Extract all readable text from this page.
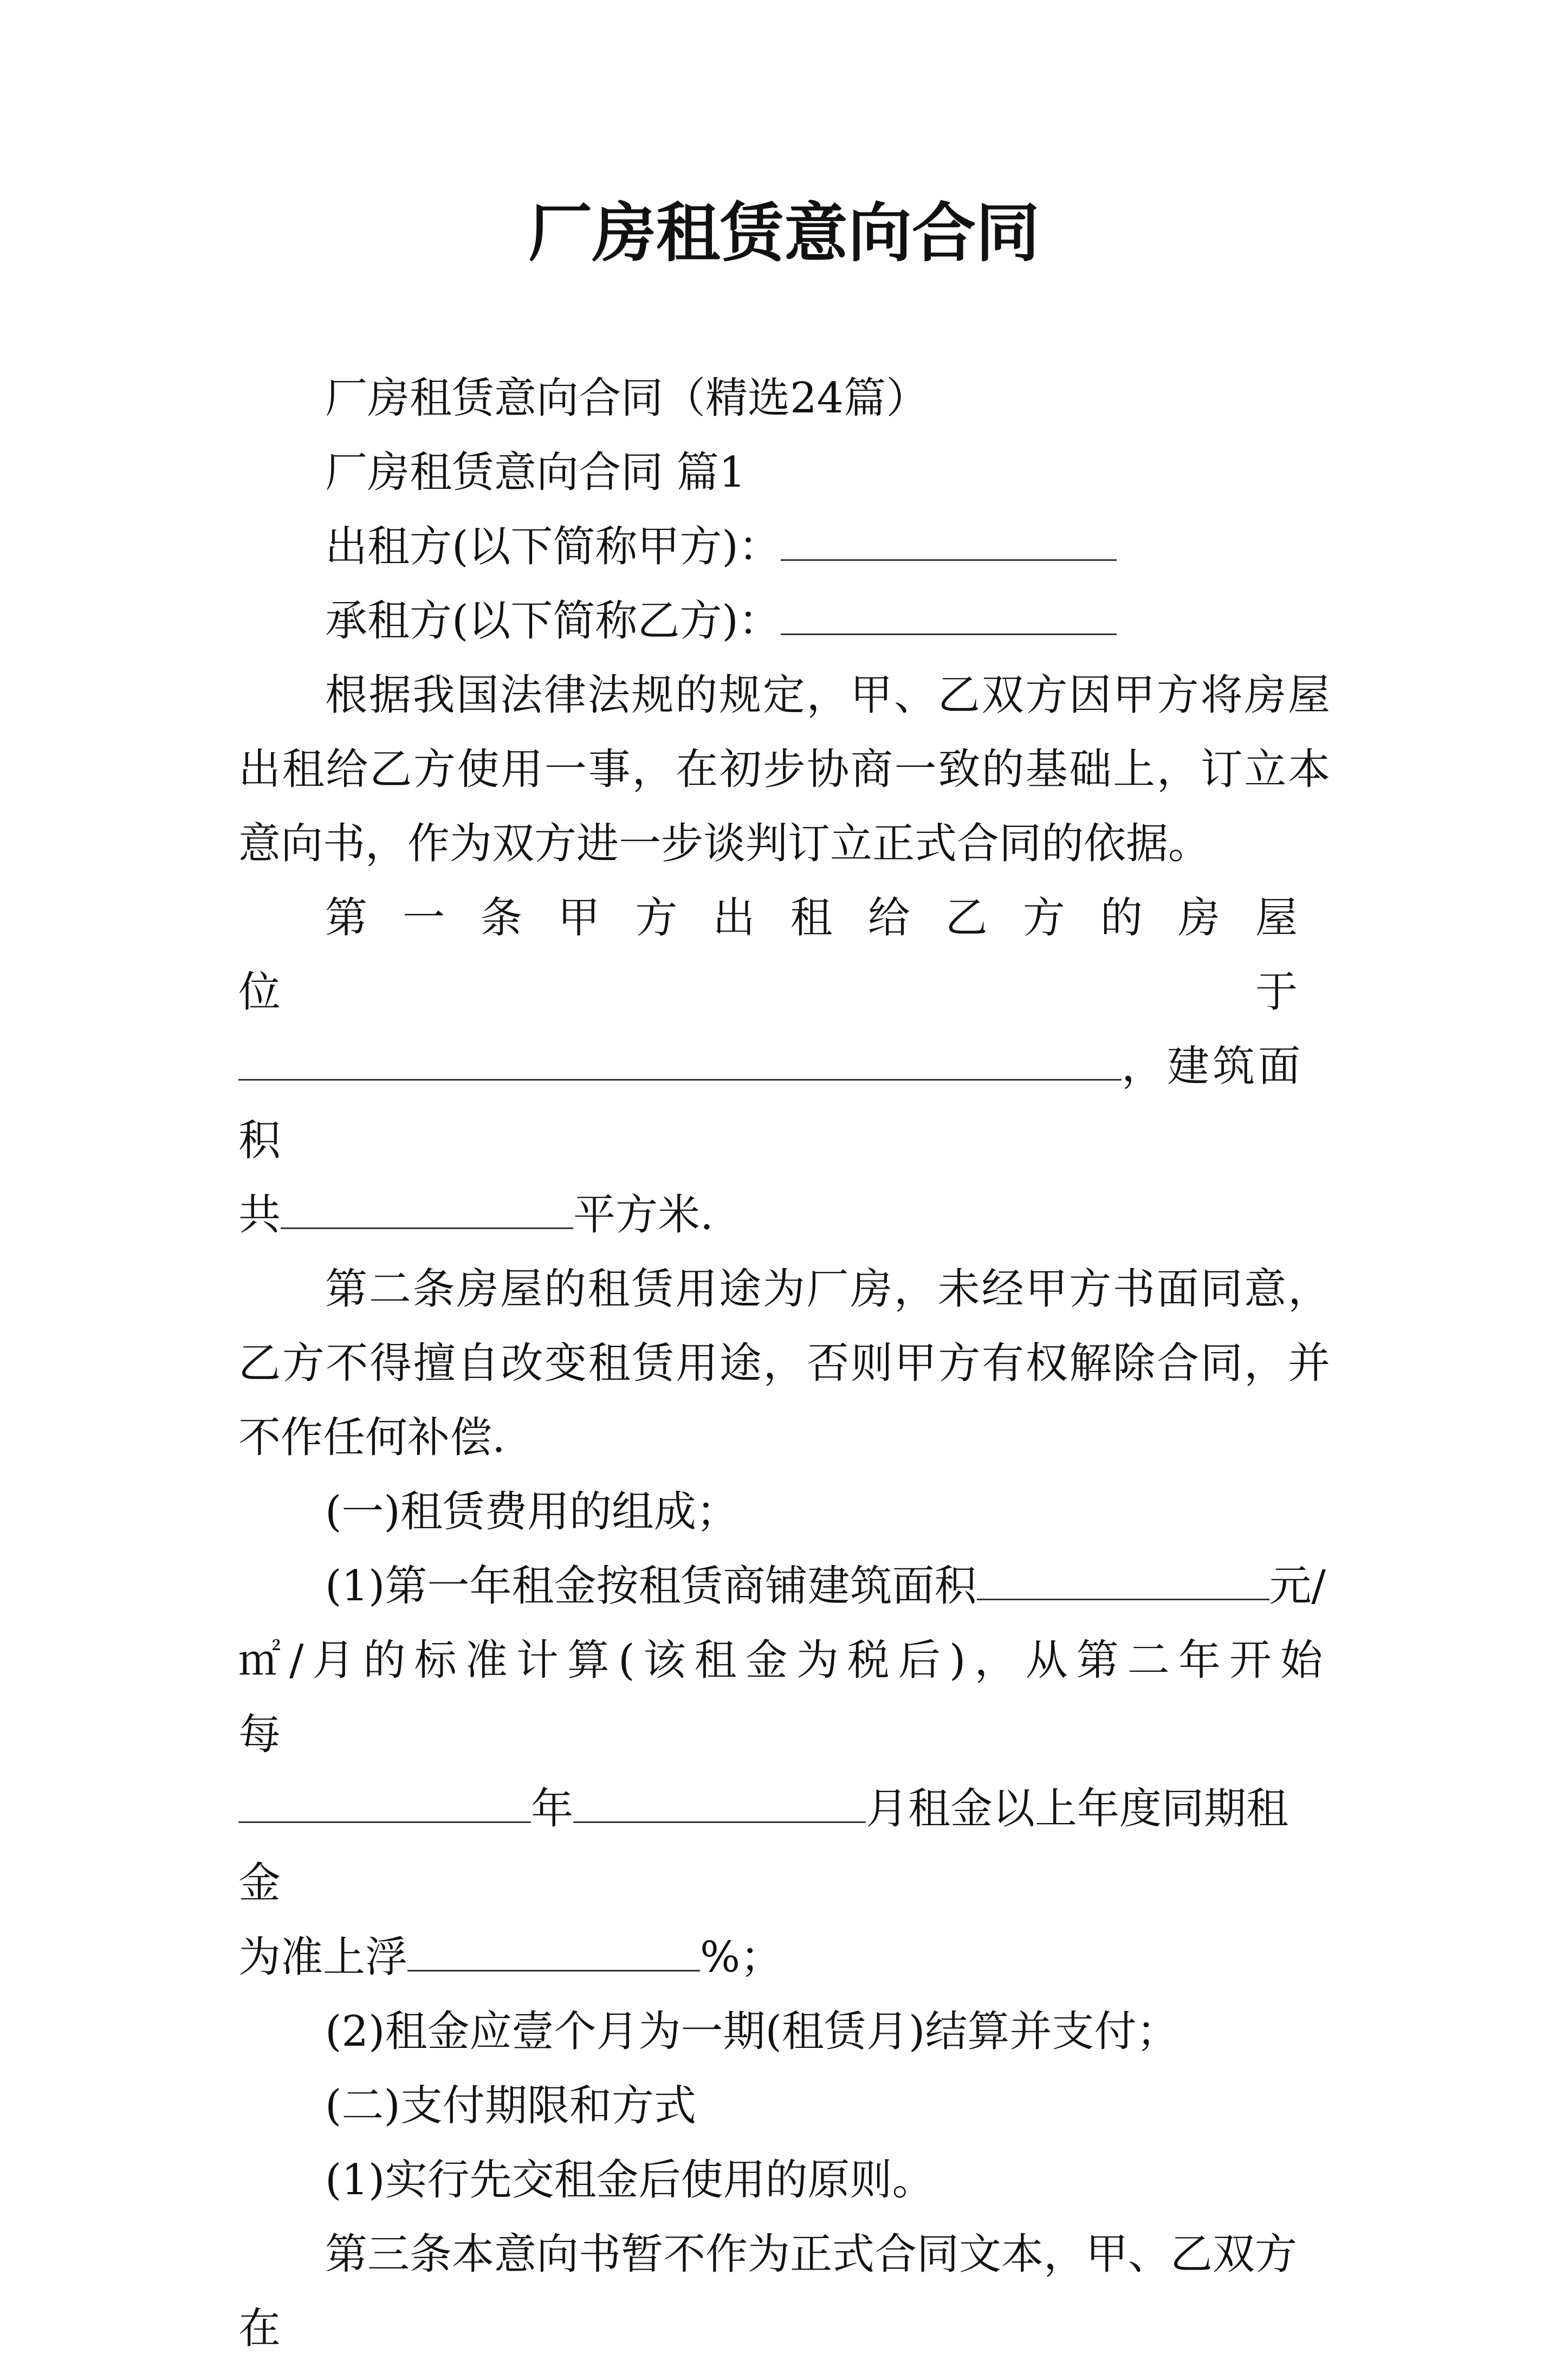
厂房租赁意向合同

厂房租赁意向合同（精选24篇）

厂房租赁意向合同 篇1

出租方(以下简称甲方)：

承租方(以下简称乙方)：

根据我国法律法规的规定，甲、乙双方因甲方将房屋出租给乙方使用一事，在初步协商一致的基础上，订立本意向书，作为双方进一步谈判订立正式合同的依据。

第一条甲方出租给乙方的房屋位于

，建筑面积

共	平方米.

第二条房屋的租赁用途为厂房，未经甲方书面同意，乙方不得擅自改变租赁用途，否则甲方有权解除合同，并不作任何补偿.

(一)租赁费用的组成；

(1)第一年租金按租赁商铺建筑面积	元/

㎡/月的标准计算(该租金为税后)，从第二年开始每

年	月租金以上年度同期租金

为准上浮	%；

(2)租金应壹个月为一期(租赁月)结算并支付；

(二)支付期限和方式

(1)实行先交租金后使用的原则。

第三条本意向书暂不作为正式合同文本，甲、乙双方在
